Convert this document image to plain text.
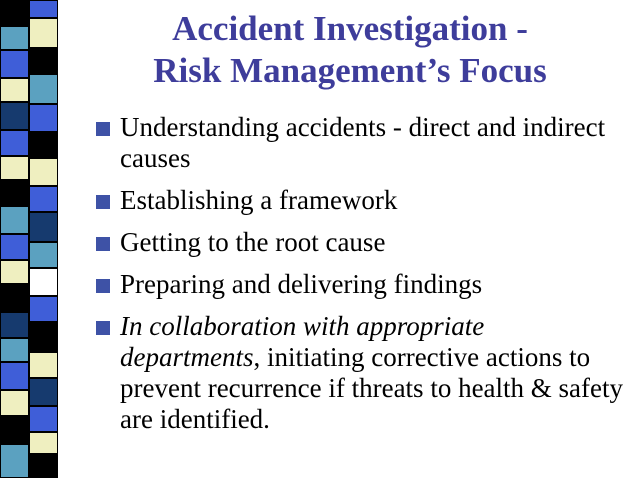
Accident Investigation -
Risk Management’s Focus
Understanding accidents - direct and indirect causes
Establishing a framework
Getting to the root cause
Preparing and delivering findings
In collaboration with appropriate departments, initiating corrective actions to prevent recurrence if threats to health & safety are identified.
